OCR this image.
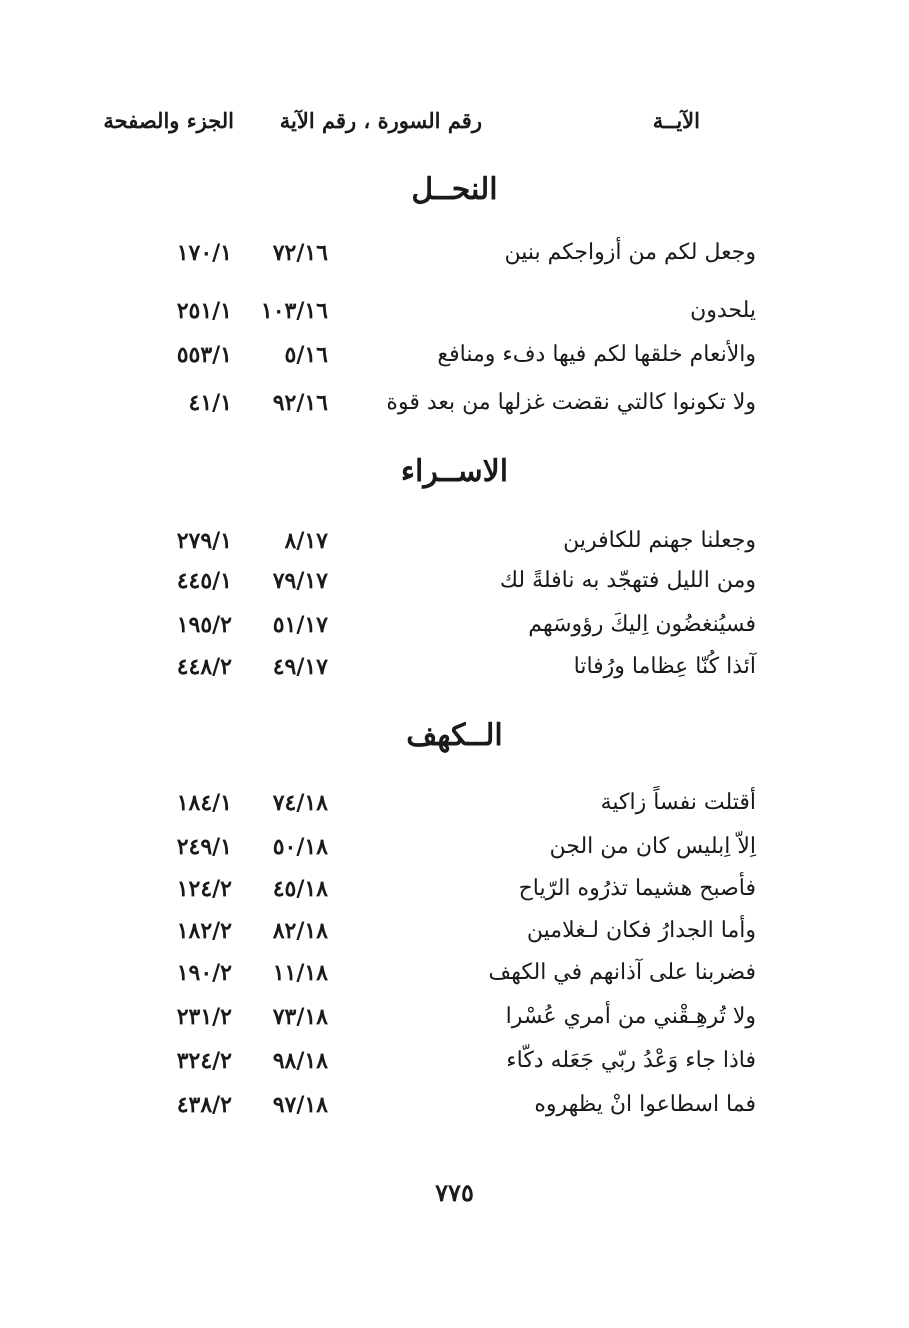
الآيــة
رقم السورة ، رقم الآية
الجزء والصفحة
النحــل
وجعل لكم من أزواجكم بنين
٧٢/١٦
١٧٠/١
يلحدون
١٠٣/١٦
٢٥١/١
والأنعام خلقها لكم فيها دفء ومنافع
٥/١٦
٥٥٣/١
ولا تكونوا كالتي نقضت غزلها من بعد قوة
٩٢/١٦
٤١/١
الاســراء
وجعلنا جهنم للكافرين
٨/١٧
٢٧٩/١
ومن الليل فتهجّد به نافلةً لك
٧٩/١٧
٤٤٥/١
فسيُنغضُون اِليكَ رؤوسَهم
٥١/١٧
١٩٥/٢
آئذا كُنّا عِظاما ورُفاتا
٤٩/١٧
٤٤٨/٢
الــكهف
أقتلت نفساً زاكية
٧٤/١٨
١٨٤/١
اِلاّ اِبليس كان من الجن
٥٠/١٨
٢٤٩/١
فأصبح هشيما تذرُوه الرّياح
٤٥/١٨
١٢٤/٢
وأما الجدارُ فكان لـغلامين
٨٢/١٨
١٨٢/٢
فضربنا على آذانهم في الكهف
١١/١٨
١٩٠/٢
ولا تُرهِـقْني من أمري عُسْرا
٧٣/١٨
٢٣١/٢
فاذا جاء وَعْدُ ربّي جَعَله دكّاء
٩٨/١٨
٣٢٤/٢
فما اسطاعوا انْ يظهروه
٩٧/١٨
٤٣٨/٢
٧٧٥
